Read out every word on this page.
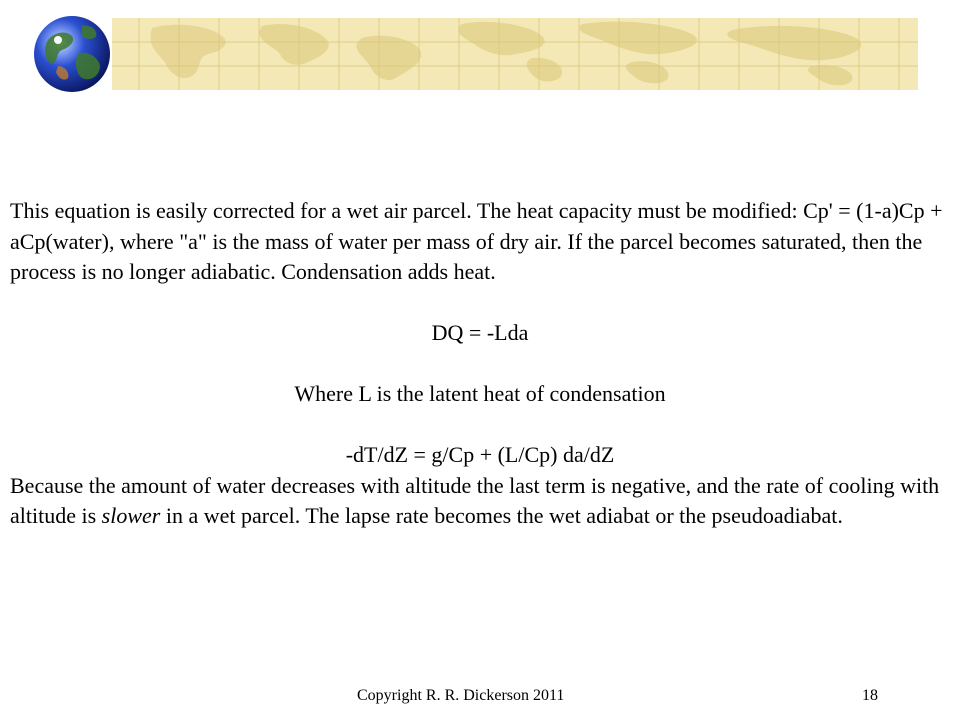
This equation is easily corrected for a wet air parcel. The heat capacity must be modified: Cp' = (1-a)Cp + aCp(water), where "a" is the mass of water per mass of dry air. If the parcel becomes saturated, then the process is no longer adiabatic. Condensation adds heat.

DQ = -Lda

Where L is the latent heat of condensation

-dT/dZ = g/Cp + (L/Cp) da/dZ

Because the amount of water decreases with altitude the last term is negative, and the rate of cooling with altitude is slower in a wet parcel. The lapse rate becomes the wet adiabat or the pseudoadiabat.

Copyright R. R. Dickerson 2011	18
